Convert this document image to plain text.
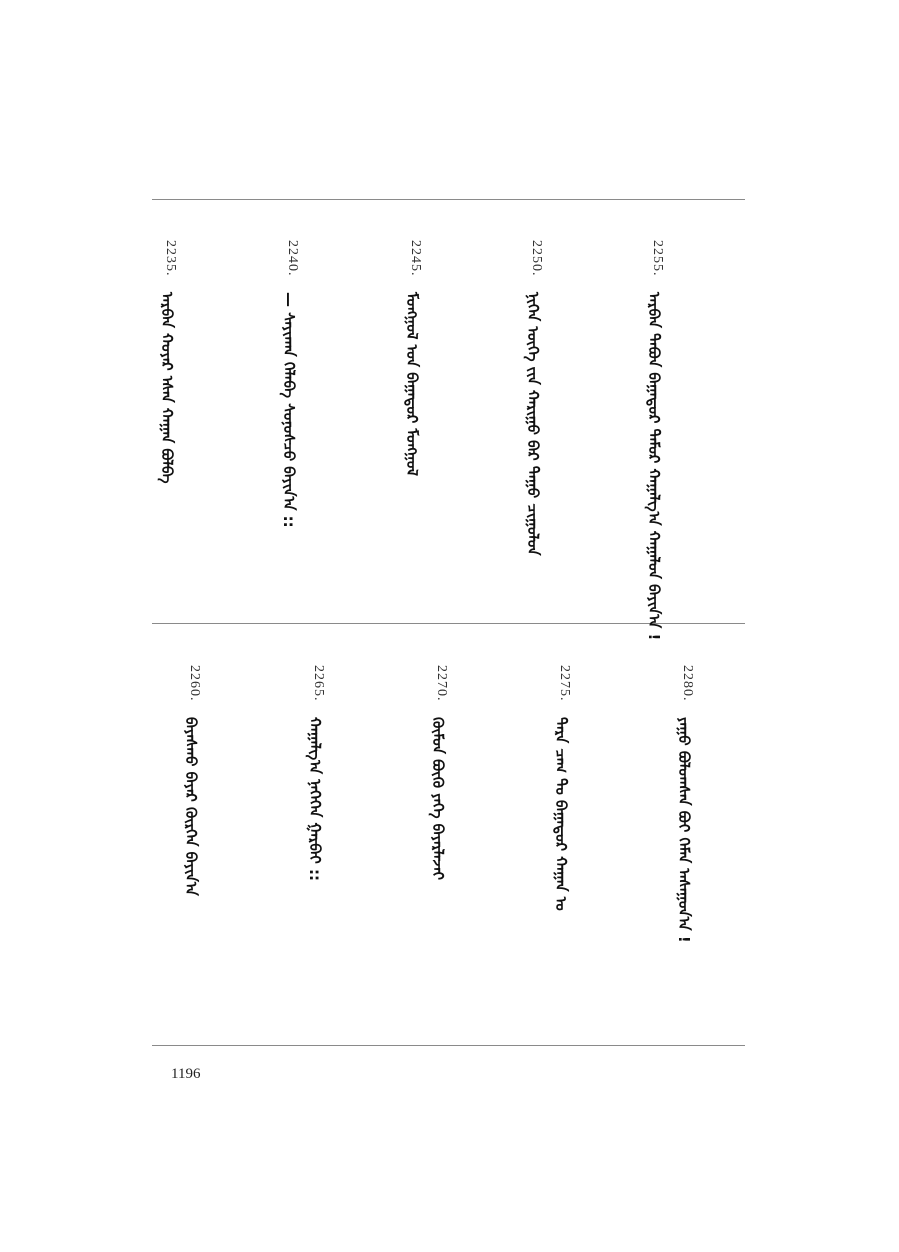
2255.
ᠠᠷᠪᠠᠨ ᠲᠠᠪᠤᠨ ᠪᠠᠭᠠᠲᠤᠷ ᠲᠡᠮᠦᠷ ᠬᠠᠭᠠᠯᠭ᠎ᠠ ᠬᠠᠭᠠᠯᠤᠨ ᠪᠠᠶᠢᠨ᠎ᠠ !
2250.
ᠨᠢᠭᠡᠨ ᠦᠭᠡ ᠵᠢᠨ ᠬᠠᠷᠢᠭᠤ ᠪᠠᠷ ᠳᠠᠭᠤ ᠴᠢᠭᠤᠯᠤᠨ
2245.
ᠮᠣᠩᠭᠣᠯ ᠤᠨ ᠪᠠᠭᠠᠲᠤᠷ ᠮᠣᠩᠭᠣᠯ
2240.
— ᠰᠠᠶᠢᠬᠠᠨ ᠬᠡᠯᠡᠪᠡ ᠰᠣᠨᠣᠰᠴᠤ ᠪᠠᠶᠢᠨ᠎ᠠ ::
2235.
ᠠᠷᠪᠠᠨ ᠬᠣᠶᠠᠷ ᠡᠰᠡᠨ ᠬᠠᠭᠠᠨ ᠪᠣᠯᠪᠠ
2280.
ᠶᠠᠭᠤ ᠪᠣᠯᠤᠭᠰᠠᠨ ᠪᠤᠢ ᠬᠡᠮᠡᠨ ᠠᠰᠠᠭᠤᠨ᠎ᠠ !
2275.
ᠲᠡᠷᠡ ᠴᠠᠭ ᠲᠤ ᠪᠠᠭᠠᠲᠤᠷ ᠬᠠᠭᠠᠨ ᠤ
2270.
ᠬᠦᠮᠦᠨ ᠪᠦᠬᠦ ᠶᠡᠭᠡ ᠪᠠᠶᠠᠷᠯᠠᠵᠠᠢ
2265.
ᠬᠠᠭᠠᠯᠭ᠎ᠠ ᠨᠡᠭᠡᠭᠡᠨ ᠭᠠᠷᠪᠠᠢ ::
2260.
ᠪᠠᠶᠠᠰᠬᠤ ᠪᠠᠶᠠᠷ ᠬᠦᠷᠭᠡᠨ ᠪᠠᠶᠢᠨ᠎ᠠ
1196
